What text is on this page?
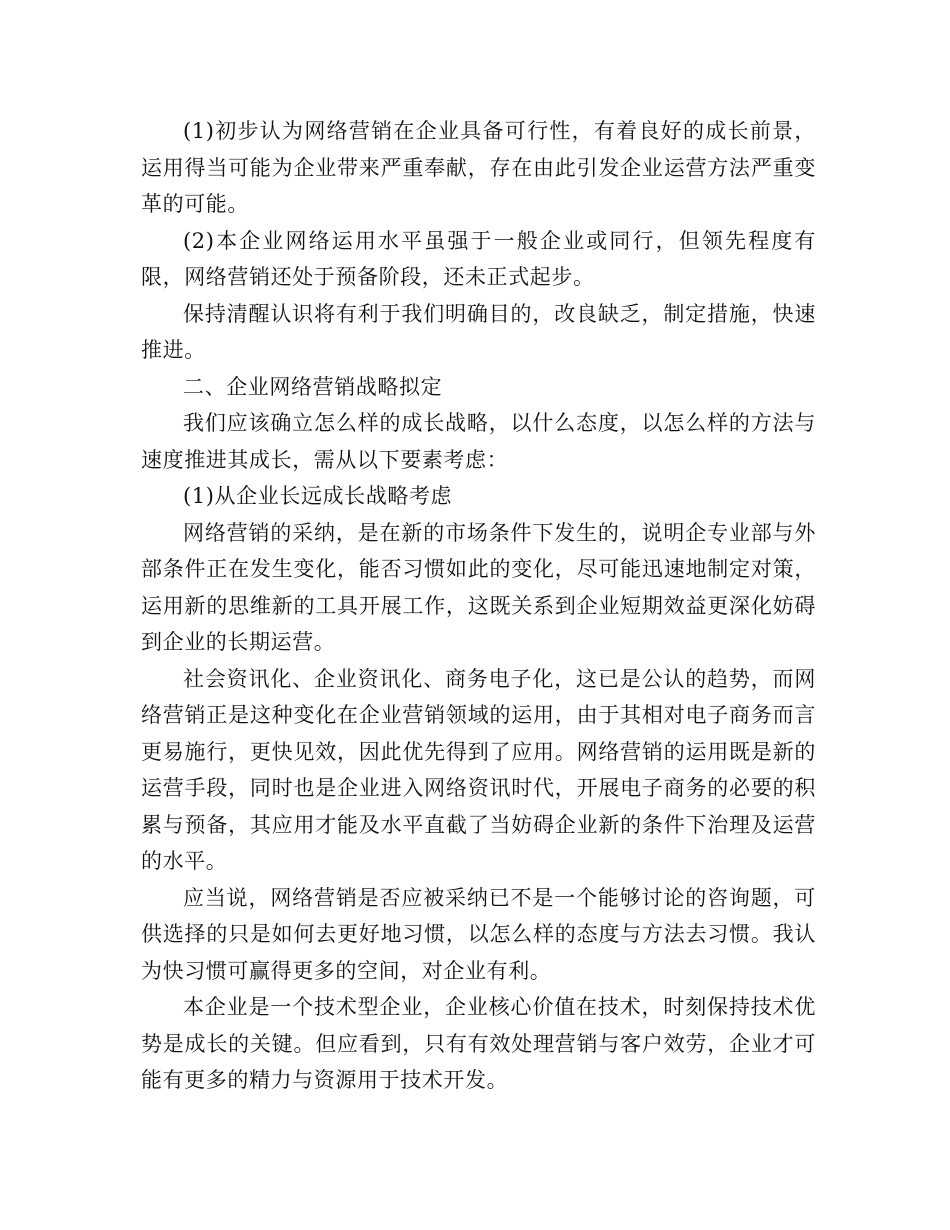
(1)初步认为网络营销在企业具备可行性，有着良好的成长前景，运用得当可能为企业带来严重奉献，存在由此引发企业运营方法严重变革的可能。

(2)本企业网络运用水平虽强于一般企业或同行，但领先程度有限，网络营销还处于预备阶段，还未正式起步。

保持清醒认识将有利于我们明确目的，改良缺乏，制定措施，快速推进。

二、企业网络营销战略拟定

我们应该确立怎么样的成长战略，以什么态度，以怎么样的方法与速度推进其成长，需从以下要素考虑：

(1)从企业长远成长战略考虑

网络营销的采纳，是在新的市场条件下发生的，说明企专业部与外部条件正在发生变化，能否习惯如此的变化，尽可能迅速地制定对策，运用新的思维新的工具开展工作，这既关系到企业短期效益更深化妨碍到企业的长期运营。

社会资讯化、企业资讯化、商务电子化，这已是公认的趋势，而网络营销正是这种变化在企业营销领域的运用，由于其相对电子商务而言更易施行，更快见效，因此优先得到了应用。网络营销的运用既是新的运营手段，同时也是企业进入网络资讯时代，开展电子商务的必要的积累与预备，其应用才能及水平直截了当妨碍企业新的条件下治理及运营的水平。

应当说，网络营销是否应被采纳已不是一个能够讨论的咨询题，可供选择的只是如何去更好地习惯，以怎么样的态度与方法去习惯。我认为快习惯可赢得更多的空间，对企业有利。

本企业是一个技术型企业，企业核心价值在技术，时刻保持技术优势是成长的关键。但应看到，只有有效处理营销与客户效劳，企业才可能有更多的精力与资源用于技术开发。
